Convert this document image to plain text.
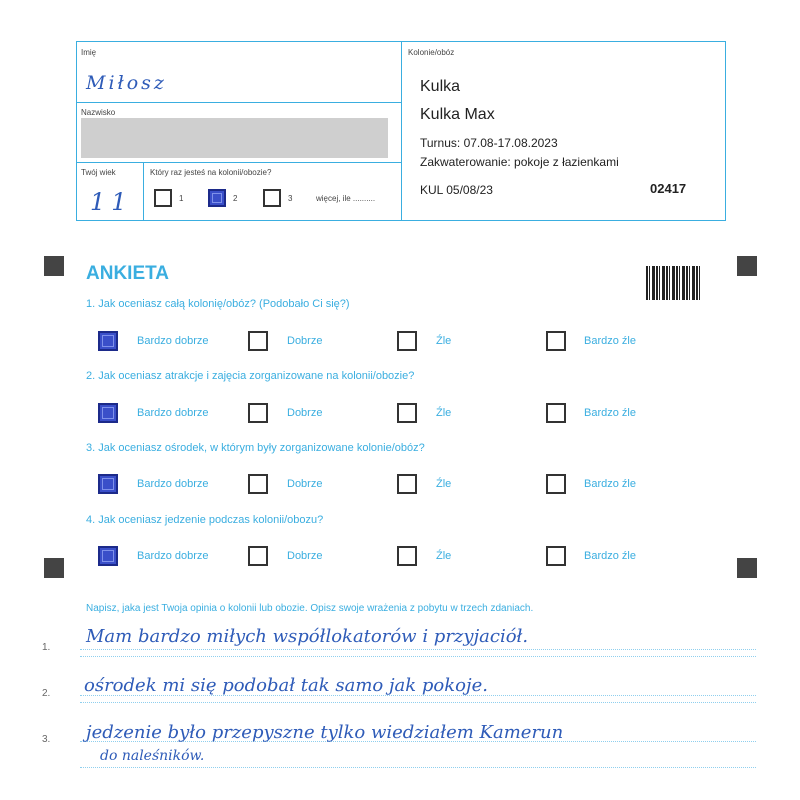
Imię
Miłosz
Nazwisko
Twój wiek
11
Który raz jesteś na kolonii/obozie?
1	2	3	więcej, ile ..........
Kolonie/obóz
Kulka
Kulka Max
Turnus: 07.08-17.08.2023
Zakwaterowanie: pokoje z łazienkami
KUL 05/08/23	02417
ANKIETA
1. Jak oceniasz całą kolonię/obóz? (Podobało Ci się?)
Bardzo dobrze	Dobrze	Źle	Bardzo źle
2. Jak oceniasz atrakcje i zajęcia zorganizowane na kolonii/obozie?
Bardzo dobrze	Dobrze	Źle	Bardzo źle
3. Jak oceniasz ośrodek, w którym były zorganizowane kolonie/obóz?
Bardzo dobrze	Dobrze	Źle	Bardzo źle
4. Jak oceniasz jedzenie podczas kolonii/obozu?
Bardzo dobrze	Dobrze	Źle	Bardzo źle
Napisz, jaka jest Twoja opinia o kolonii lub obozie. Opisz swoje wrażenia z pobytu w trzech zdaniach.
1.
Mam bardzo miłych współlokatorów i przyjaciół.
2. ośrodek mi się podobał tak samo jak pokoje.
3. jedzenie było przepyszne tylko wiedziałem Kamerun
do naleśników.
